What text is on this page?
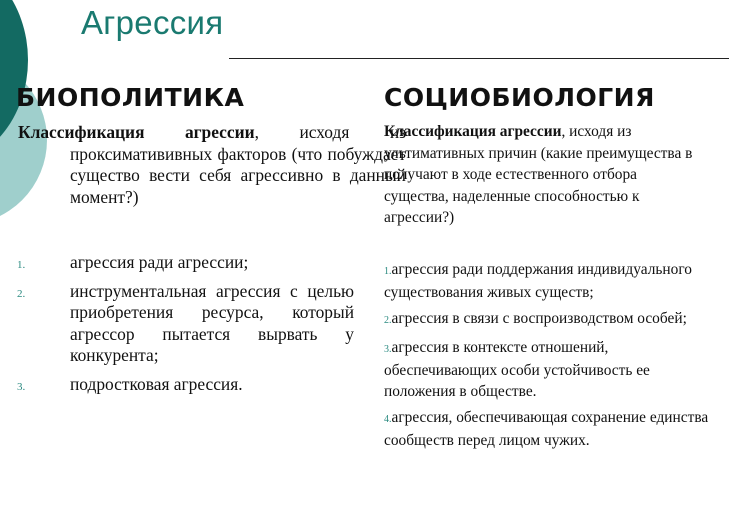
Агрессия
БИОПОЛИТИКА	СОЦИОБИОЛОГИЯ
Классификация агрессии, исходя из проксиматививных факторов (что побуждает существо вести себя агрессивно в данный момент?)
1.	агрессия ради агрессии;
2.	инструментальная агрессия с целью приобретения ресурса, который агрессор пытается вырвать у конкурента;
3.	подростковая агрессия.
Классификация агрессии, исходя из ультимативных причин (какие преимущества в получают в ходе естественного отбора существа, наделенные способностью к агрессии?)
1.агрессия ради поддержания индивидуального существования живых существ;
2.агрессия в связи с воспроизводством особей;
3.агрессия в контексте отношений, обеспечивающих особи устойчивость ее положения в обществе.
4.агрессия, обеспечивающая сохранение единства сообществ перед лицом чужих.
